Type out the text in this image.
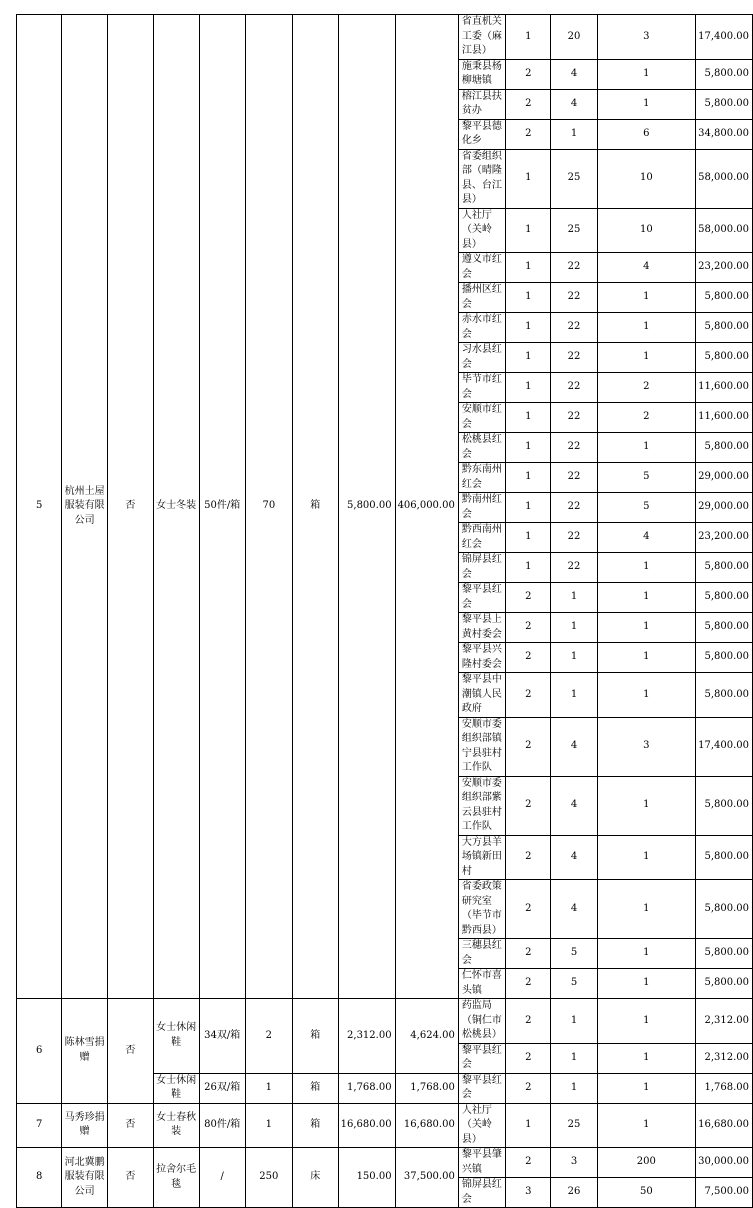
5	杭州土屋服装有限公司	否	女士冬装	50件/箱	70	箱	5,800.00	406,000.00	省直机关工委（麻江县）	1	20	3	17,400.00
									施秉县杨柳塘镇	2	4	1	5,800.00
									榕江县扶贫办	2	4	1	5,800.00
									黎平县德化乡	2	1	6	34,800.00
									省委组织部（晴隆县、台江县）	1	25	10	58,000.00
									人社厅（关岭县）	1	25	10	58,000.00
									遵义市红会	1	22	4	23,200.00
									播州区红会	1	22	1	5,800.00
									赤水市红会	1	22	1	5,800.00
									习水县红会	1	22	1	5,800.00
									毕节市红会	1	22	2	11,600.00
									安顺市红会	1	22	2	11,600.00
									松桃县红会	1	22	1	5,800.00
									黔东南州红会	1	22	5	29,000.00
									黔南州红会	1	22	5	29,000.00
									黔西南州红会	1	22	4	23,200.00
									锦屏县红会	1	22	1	5,800.00
									黎平县红会	2	1	1	5,800.00
									黎平县上黄村委会	2	1	1	5,800.00
									黎平县兴隆村委会	2	1	1	5,800.00
									黎平县中潮镇人民政府	2	1	1	5,800.00
									安顺市委组织部镇宁县驻村工作队	2	4	3	17,400.00
									安顺市委组织部紫云县驻村工作队	2	4	1	5,800.00
									大方县羊场镇新田村	2	4	1	5,800.00
									省委政策研究室（毕节市黔西县）	2	4	1	5,800.00
									三穗县红会	2	5	1	5,800.00
									仁怀市喜头镇	2	5	1	5,800.00
6	陈林雪捐赠	否	女士休闲鞋	34双/箱	2	箱	2,312.00	4,624.00	药监局（铜仁市松桃县）	2	1	1	2,312.00
									黎平县红会	2	1	1	2,312.00
			女士休闲鞋	26双/箱	1	箱	1,768.00	1,768.00	黎平县红会	2	1	1	1,768.00
7	马秀珍捐赠	否	女士春秋装	80件/箱	1	箱	16,680.00	16,680.00	人社厅（关岭县）	1	25	1	16,680.00
8	河北冀鹏服装有限公司	否	拉舍尔毛毯	/	250	床	150.00	37,500.00	黎平县肇兴镇	2	3	200	30,000.00
									锦屏县红会	3	26	50	7,500.00
